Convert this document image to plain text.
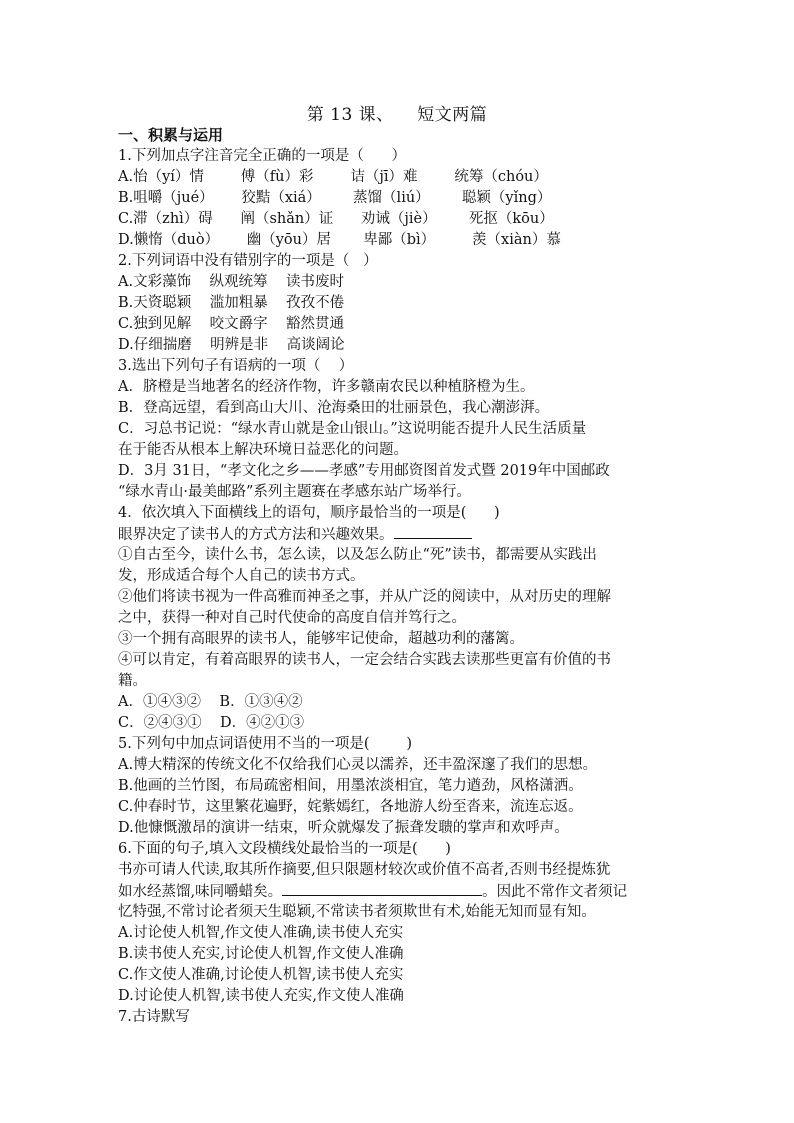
第 13 课、    短文两篇
一、积累与运用
1.下列加点字注音完全正确的一项是（      ）
A.怡（yí）情        傅（fù）彩        诘（jī）难        统筹（chóu）
B.咀嚼（jué）      狡黠（xiá）       蒸馏（liú）       聪颖（yǐng）
C.滞（zhì）碍      阐（shǎn）证      劝诫（jiè）       死抠（kōu）
D.懒惰（duò）      幽（yōu）居       卑鄙（bì）        羡（xiàn）慕
2.下列词语中没有错别字的一项是（   ）
A.文彩藻饰    纵观统筹    读书废时
B.天资聪颖    滥加粗暴    孜孜不倦
C.独到见解    咬文爵字    豁然贯通
D.仔细揣磨    明辨是非    高谈阔论
3.选出下列句子有语病的一项（    ）
A．脐橙是当地著名的经济作物，许多赣南农民以种植脐橙为生。
B．登高远望，看到高山大川、沧海桑田的壮丽景色，我心潮澎湃。
C．习总书记说：“绿水青山就是金山银山。”这说明能否提升人民生活质量
在于能否从根本上解决环境日益恶化的问题。
D．3月 31日，“孝文化之乡——孝感”专用邮资图首发式暨 2019年中国邮政
“绿水青山·最美邮路”系列主题赛在孝感东站广场举行。
4．依次填入下面横线上的语句，顺序最恰当的一项是(      )
眼界决定了读书人的方式方法和兴趣效果。
①自古至今，读什么书，怎么读，以及怎么防止“死”读书，都需要从实践出
发，形成适合每个人自己的读书方式。
②他们将读书视为一件高雅而神圣之事，并从广泛的阅读中，从对历史的理解
之中，获得一种对自己时代使命的高度自信并笃行之。
③一个拥有高眼界的读书人，能够牢记使命，超越功利的藩篱。
④可以肯定，有着高眼界的读书人，一定会结合实践去读那些更富有价值的书
籍。
A．①④③②    B．①③④②
C．②④③①    D．④②①③
5.下列句中加点词语使用不当的一项是(        )
A.博大精深的传统文化不仅给我们心灵以濡养，还丰盈深邃了我们的思想。
B.他画的兰竹图，布局疏密相间，用墨浓淡相宜，笔力遒劲，风格潇洒。
C.仲春时节，这里繁花遍野，姹紫嫣红，各地游人纷至沓来，流连忘返。
D.他慷慨激昂的演讲一结束，听众就爆发了振聋发聩的掌声和欢呼声。
6.下面的句子,填入文段横线处最恰当的一项是(      )
书亦可请人代读,取其所作摘要,但只限题材较次或价值不高者,否则书经提炼犹
如水经蒸馏,味同嚼蜡矣。	。因此不常作文者须记
忆特强,不常讨论者须天生聪颖,不常读书者须欺世有术,始能无知而显有知。
A.讨论使人机智,作文使人准确,读书使人充实
B.读书使人充实,讨论使人机智,作文使人准确
C.作文使人准确,讨论使人机智,读书使人充实
D.讨论使人机智,读书使人充实,作文使人准确
7.古诗默写
